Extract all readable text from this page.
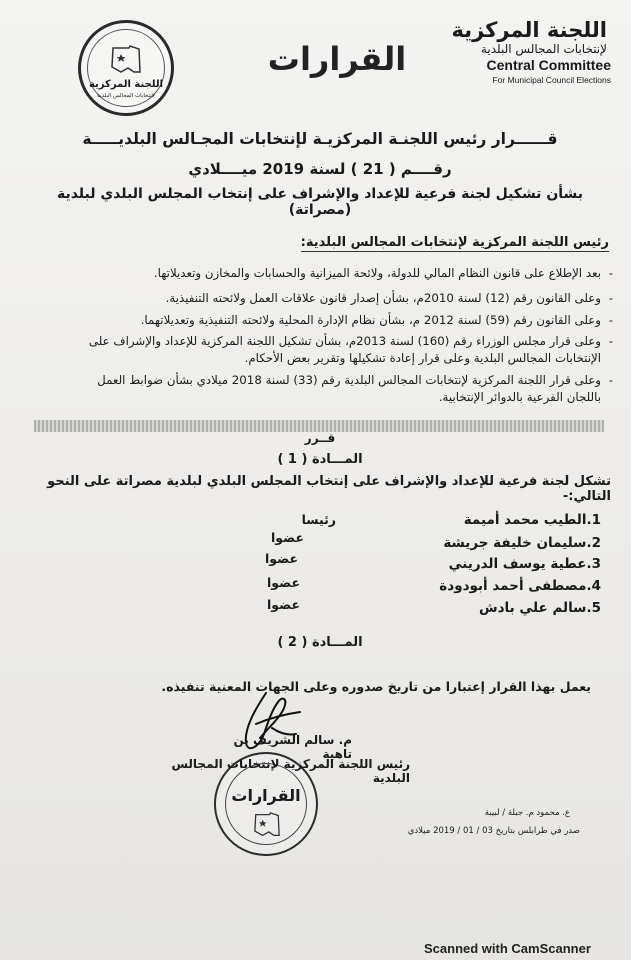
اللجنة المركزية
لإنتخابات المجالس البلدية
Central Committee
For Municipal Council Elections
القرارات
اللجنة المركزية
لانتخابات المجالس البلدية
قــــــرار رئيس اللجنـة المركزيـة لإنتخابات المجـالس البلديـــــة
رقــــم ( 21 ) لسنة 2019 ميــــلادي
بشأن تشكيل لجنة فرعية للإعداد والإشراف على إنتخاب المجلس البلدي لبلدية (مصراتة)
رئيس اللجنة المركزية لإنتخابات المجالس البلدية:
-
بعد الإطلاع على قانون النظام المالي للدولة، ولائحة الميزانية والحسابات والمخازن وتعديلاتها.
-
وعلى القانون رقم (12) لسنة 2010م، بشأن إصدار قانون علاقات العمل ولائحته التنفيذية.
-
وعلى القانون رقم (59) لسنة 2012 م، بشأن نظام الإدارة المحلية ولائحته التنفيذية وتعديلاتهما.
-
وعلى قرار مجلس الوزراء رقم (160) لسنة 2013م، بشأن تشكيل اللجنة المركزية للإعداد والإشراف على الإنتخابات المجالس البلدية وعلى قرار إعادة تشكيلها وتقرير بعض الأحكام.
-
وعلى قرار اللجنة المركزية لإنتخابات المجالس البلدية رقم (33) لسنة 2018 ميلادي بشأن ضوابط العمل باللجان الفرعية بالدوائر الإنتخابية.
قــرر
المـــادة ( 1 )
تشكل لجنة فرعية للإعداد والإشراف على إنتخاب المجلس البلدي لبلدية مصراتة على النحو التالي:-
1.الطيب محمد أميمة
رئيسا
2.سليمان خليفة جريشة
عضوا
3.عطية يوسف الدريني
عضوا
4.مصطفى أحمد أبودودة
عضوا
5.سالم علي بادش
عضوا
المـــادة ( 2 )
يعمل بهذا القرار إعتبارا من تاريخ صدوره وعلى الجهات المعنية تنفيذه.
القرارات
م. سالم الشريف بن تاهية
رئيس اللجنة المركزية لإنتخابات المجالس البلدية
ع. محمود م. جبلة / لبيبة
صدر في طرابلس بتاريخ 03 / 01 / 2019 ميلادي
Scanned with CamScanner
